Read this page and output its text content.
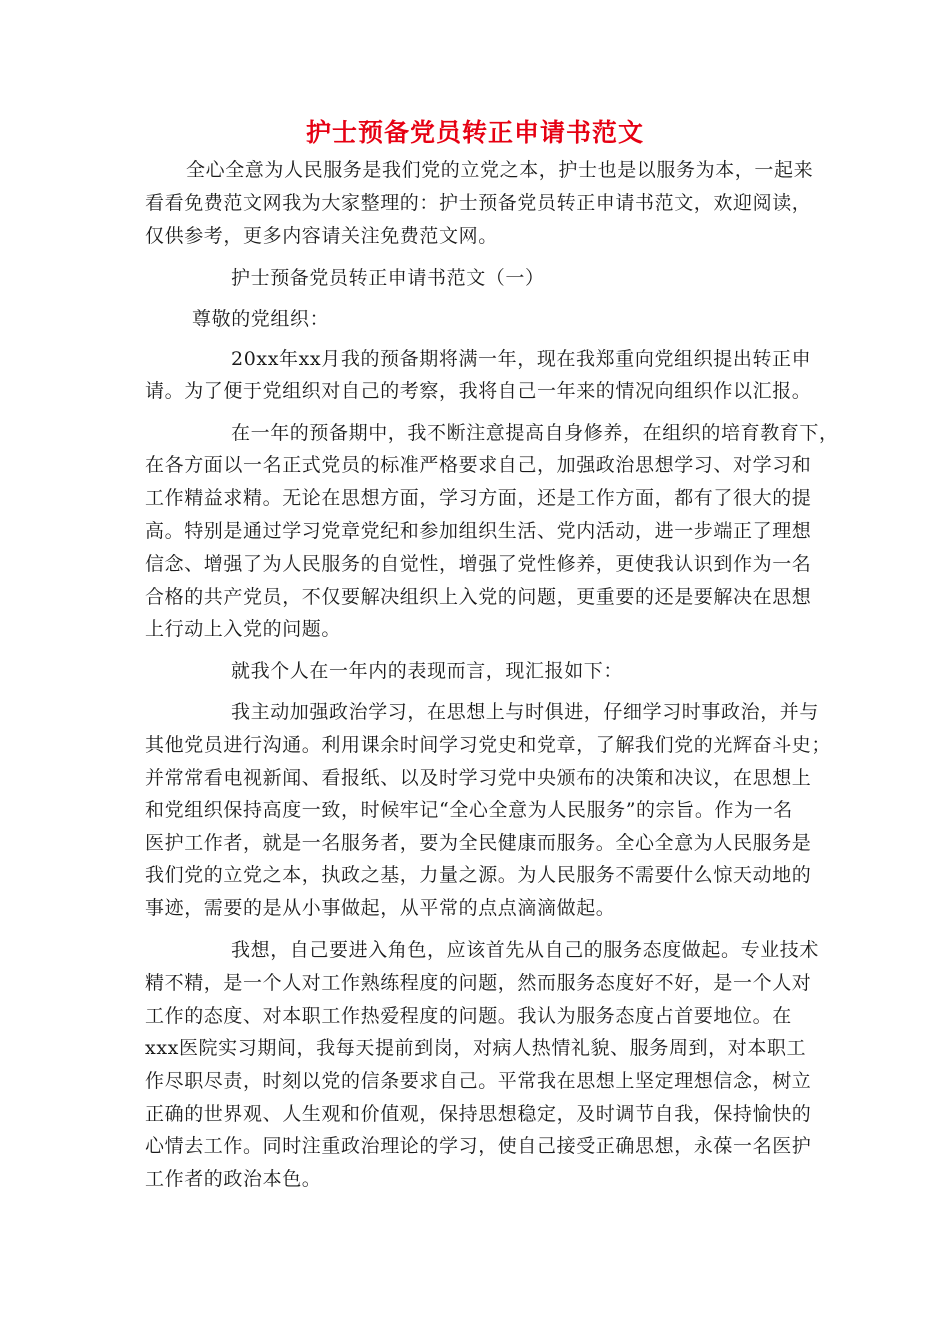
护士预备党员转正申请书范文
全心全意为人民服务是我们党的立党之本，护士也是以服务为本，一起来
看看免费范文网我为大家整理的：护士预备党员转正申请书范文，欢迎阅读，
仅供参考，更多内容请关注免费范文网。
护士预备党员转正申请书范文（一）
尊敬的党组织：
20xx年xx月我的预备期将满一年，现在我郑重向党组织提出转正申
请。为了便于党组织对自己的考察，我将自己一年来的情况向组织作以汇报。
在一年的预备期中，我不断注意提高自身修养，在组织的培育教育下，
在各方面以一名正式党员的标准严格要求自己，加强政治思想学习、对学习和
工作精益求精。无论在思想方面，学习方面，还是工作方面，都有了很大的提
高。特别是通过学习党章党纪和参加组织生活、党内活动，进一步端正了理想
信念、增强了为人民服务的自觉性，增强了党性修养，更使我认识到作为一名
合格的共产党员，不仅要解决组织上入党的问题，更重要的还是要解决在思想
上行动上入党的问题。
就我个人在一年内的表现而言，现汇报如下：
我主动加强政治学习，在思想上与时俱进，仔细学习时事政治，并与
其他党员进行沟通。利用课余时间学习党史和党章，了解我们党的光辉奋斗史；
并常常看电视新闻、看报纸、以及时学习党中央颁布的决策和决议，在思想上
和党组织保持高度一致，时候牢记“全心全意为人民服务”的宗旨。作为一名
医护工作者，就是一名服务者，要为全民健康而服务。全心全意为人民服务是
我们党的立党之本，执政之基，力量之源。为人民服务不需要什么惊天动地的
事迹，需要的是从小事做起，从平常的点点滴滴做起。
我想，自己要进入角色，应该首先从自己的服务态度做起。专业技术
精不精，是一个人对工作熟练程度的问题，然而服务态度好不好，是一个人对
工作的态度、对本职工作热爱程度的问题。我认为服务态度占首要地位。在
xxx医院实习期间，我每天提前到岗，对病人热情礼貌、服务周到，对本职工
作尽职尽责，时刻以党的信条要求自己。平常我在思想上坚定理想信念，树立
正确的世界观、人生观和价值观，保持思想稳定，及时调节自我，保持愉快的
心情去工作。同时注重政治理论的学习，使自己接受正确思想，永葆一名医护
工作者的政治本色。
